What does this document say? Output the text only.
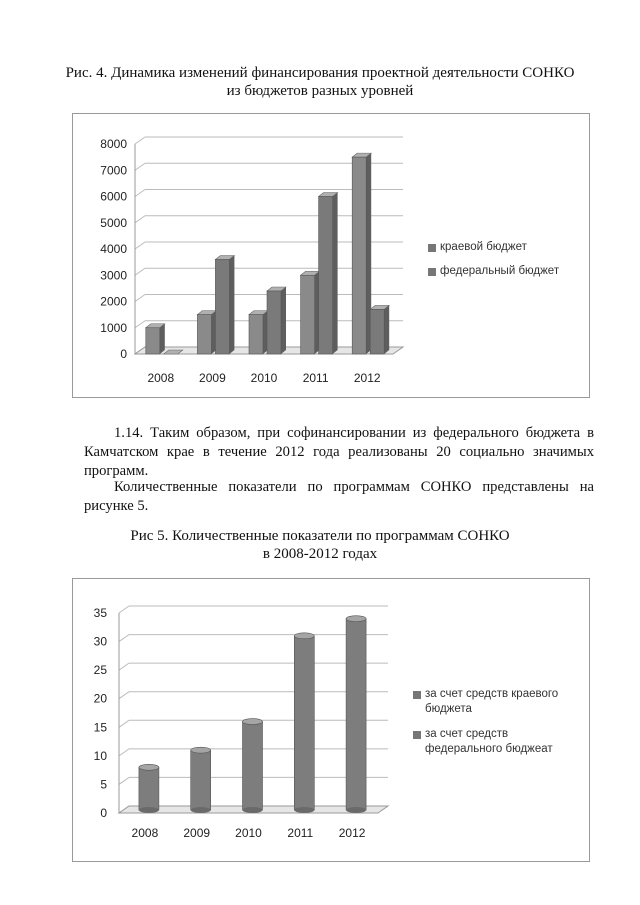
Рис. 4. Динамика изменений финансирования проектной деятельности СОНКО
из бюджетов разных уровней
0
1000
2000
3000
4000
5000
6000
7000
8000
2008 2009 2010 2011 2012
краевой бюджет
федеральный бюджет
1.14. Таким образом, при софинансировании из федерального бюджета в Камчатском крае в течение 2012 года реализованы 20 социально значимых программ.
Количественные показатели по программам СОНКО представлены на рисунке 5.
Рис 5. Количественные показатели по программам СОНКО
в 2008-2012 годах
0
5
10
15
20
25
30
35
2008 2009 2010 2011 2012
за счет средств краевого бюджета
за счет средств федерального бюджеат
